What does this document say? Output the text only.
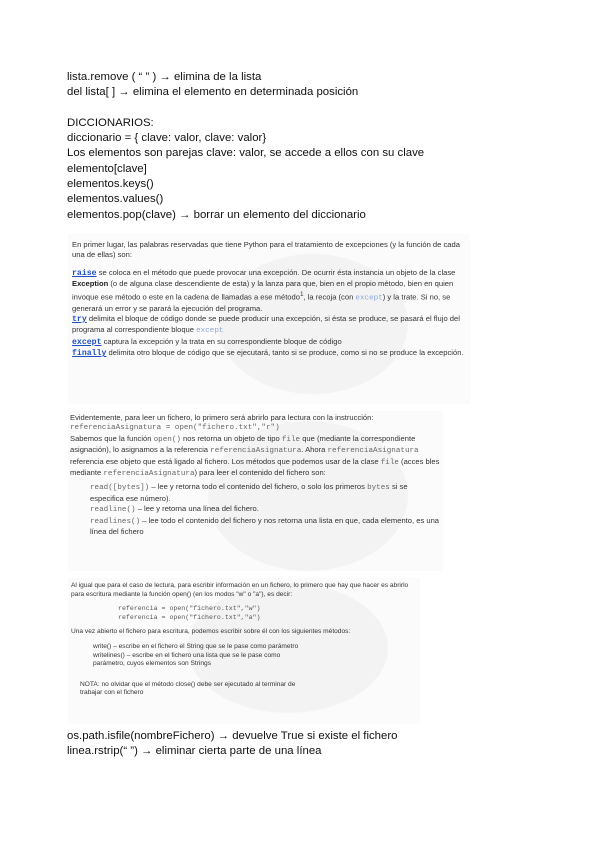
lista.remove ( “ ” ) → elimina de la lista

del lista[ ] → elimina el elemento en determinada posición

DICCIONARIOS:

diccionario = { clave: valor, clave: valor}

Los elementos son parejas clave: valor, se accede a ellos con su clave

elemento[clave]

elementos.keys()

elementos.values()

elementos.pop(clave) → borrar un elemento del diccionario

En primer lugar, las palabras reservadas que tiene Python para el tratamiento de excepciones (y la función de cada una de ellas) son:

raise se coloca en el método que puede provocar una excepción. De ocurrir ésta instancia un objeto de la clase Exception (o de alguna clase descendiente de esta) y la lanza para que, bien en el propio método, bien en quien invoque ese método o este en la cadena de llamadas a ese método$^1$, la recoja (con except) y la trate. Si no, se generará un error y se parará la ejecución del programa.

try delimita el bloque de código donde se puede producir una excepción, si ésta se produce, se pasará el flujo del programa al correspondiente bloque except

except captura la excepción y la trata en su correspondiente bloque de código

finally delimita otro bloque de código que se ejecutará, tanto si se produce, como si no se produce la excepción.

Evidentemente, para leer un fichero, lo primero será abrirlo para lectura con la instrucción:

referenciaAsignatura = open("fichero.txt","r")

Sabemos que la función open() nos retorna un objeto de tipo file que (mediante la correspondiente asignación), lo asignamos a la referencia referenciaAsignatura. Ahora referenciaAsignatura referencia ese objeto que está ligado al fichero. Los métodos que podemos usar de la clase file (acces bles mediante referenciaAsignatura) para leer el contenido del fichero son:

read([bytes]) – lee y retorna todo el contenido del fichero, o solo los primeros bytes si se especifica ese número).

readline() – lee y retorna una línea del fichero.

readlines() – lee todo el contenido del fichero y nos retorna una lista en que, cada elemento, es una línea del fichero

Al igual que para el caso de lectura, para escribir información en un fichero, lo primero que hay que hacer es abrirlo para escritura mediante la función open() (en los modos "w" o "a"), es decir:

referencia = open("fichero.txt","w")

referencia = open("fichero.txt","a")

Una vez abierto el fichero para escritura, podemos escribir sobre él con los siguientes métodos:

write() – escribe en el fichero el String que se le pase como parámetro

writelines() – escribe en el fichero una lista que se le pase como

parámetro, cuyos elementos son Strings

NOTA: no olvidar que el método close() debe ser ejecutado al terminar de

trabajar con el fichero

os.path.isfile(nombreFichero) → devuelve True si existe el fichero

linea.rstrip(“ ”) → eliminar cierta parte de una línea
